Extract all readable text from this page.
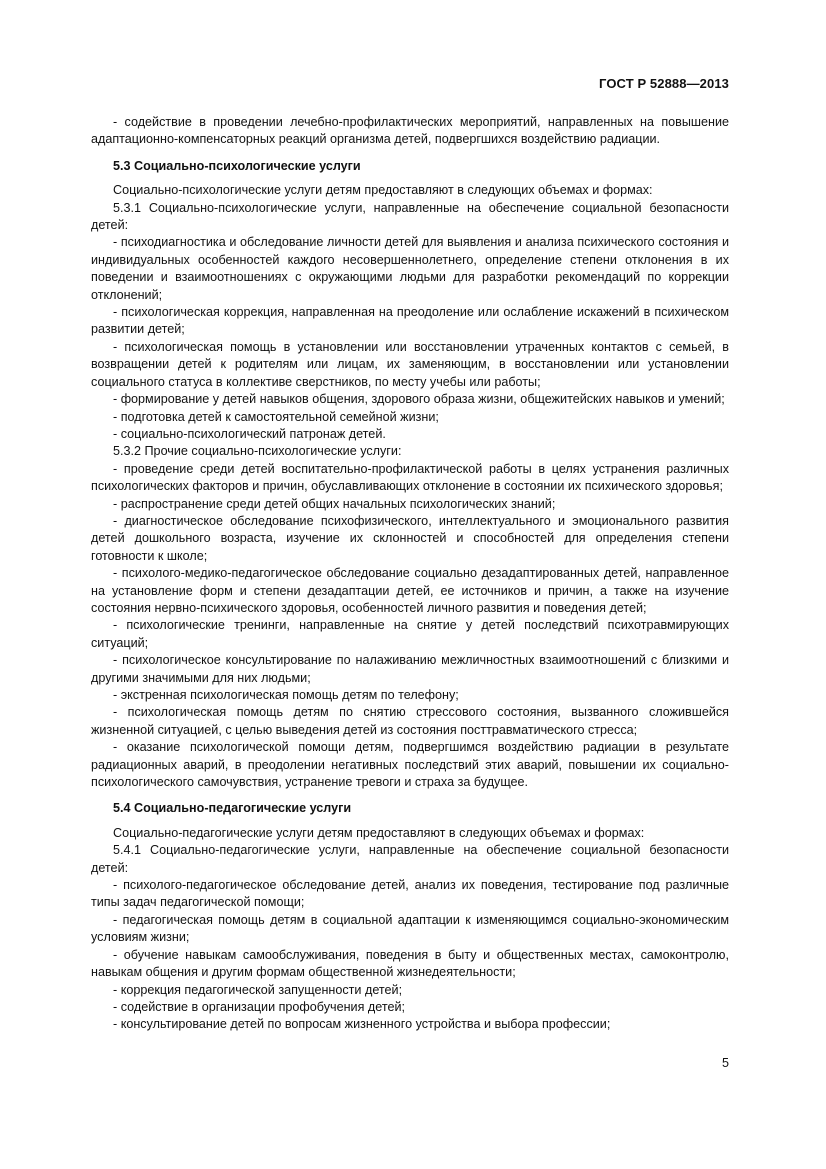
ГОСТ Р 52888—2013

- содействие в проведении лечебно-профилактических мероприятий, направленных на повышение адаптационно-компенсаторных реакций организма детей, подвергшихся воздействию радиации.

5.3 Социально-психологические услуги

Социально-психологические услуги детям предоставляют в следующих объемах и формах:

5.3.1 Социально-психологические услуги, направленные на обеспечение социальной безопасности детей:

- психодиагностика и обследование личности детей для выявления и анализа психического состояния и индивидуальных особенностей каждого несовершеннолетнего, определение степени отклонения в их поведении и взаимоотношениях с окружающими людьми для разработки рекомендаций по коррекции отклонений;

- психологическая коррекция, направленная на преодоление или ослабление искажений в психическом развитии детей;

- психологическая помощь в установлении или восстановлении утраченных контактов с семьей, в возвращении детей к родителям или лицам, их заменяющим, в восстановлении или установлении социального статуса в коллективе сверстников, по месту учебы или работы;

- формирование у детей навыков общения, здорового образа жизни, общежитейских навыков и умений;

- подготовка детей к самостоятельной семейной жизни;

- социально-психологический патронаж детей.

5.3.2 Прочие социально-психологические услуги:

- проведение среди детей воспитательно-профилактической работы в целях устранения различных психологических факторов и причин, обуславливающих отклонение в состоянии их психического здоровья;

- распространение среди детей общих начальных психологических знаний;

- диагностическое обследование психофизического, интеллектуального и эмоционального развития детей дошкольного возраста, изучение их склонностей и способностей для определения степени готовности к школе;

- психолого-медико-педагогическое обследование социально дезадаптированных детей, направленное на установление форм и степени дезадаптации детей, ее источников и причин, а также на изучение состояния нервно-психического здоровья, особенностей личного развития и поведения детей;

- психологические тренинги, направленные на снятие у детей последствий психотравмирующих ситуаций;

- психологическое консультирование по налаживанию межличностных взаимоотношений с близкими и другими значимыми для них людьми;

- экстренная психологическая помощь детям по телефону;

- психологическая помощь детям по снятию стрессового состояния, вызванного сложившейся жизненной ситуацией, с целью выведения детей из состояния посттравматического стресса;

- оказание психологической помощи детям, подвергшимся воздействию радиации в результате радиационных аварий, в преодолении негативных последствий этих аварий, повышении их социально-психологического самочувствия, устранение тревоги и страха за будущее.

5.4 Социально-педагогические услуги

Социально-педагогические услуги детям предоставляют в следующих объемах и формах:

5.4.1 Социально-педагогические услуги, направленные на обеспечение социальной безопасности детей:

- психолого-педагогическое обследование детей, анализ их поведения, тестирование под различные типы задач педагогической помощи;

- педагогическая помощь детям в социальной адаптации к изменяющимся социально-экономическим условиям жизни;

- обучение навыкам самообслуживания, поведения в быту и общественных местах, самоконтролю, навыкам общения и другим формам общественной жизнедеятельности;

- коррекция педагогической запущенности детей;

- содействие в организации профобучения детей;

- консультирование детей по вопросам жизненного устройства и выбора профессии;

5
